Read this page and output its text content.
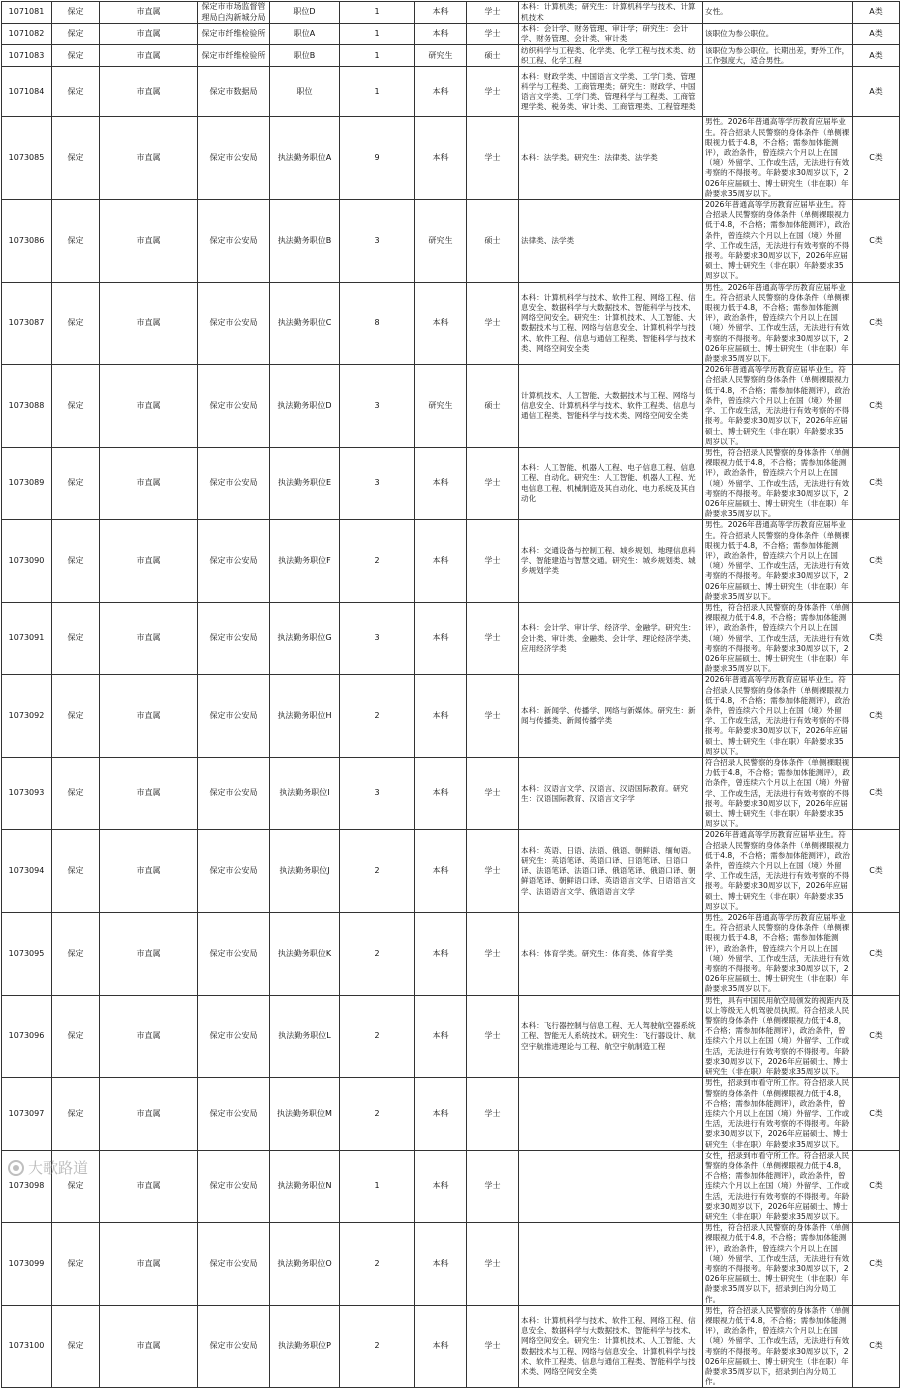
1071081	保定	市直属	保定市市场监督管理局白沟新城分局	职位D	1	本科	学士	本科：计算机类；研究生：计算机科学与技术、计算机技术	女性。	A类
1071082	保定	市直属	保定市纤维检验所	职位A	1	本科	学士	本科：会计学、财务管理、审计学；研究生：会计学、财务管理、会计类、审计类	该职位为参公职位。	A类
1071083	保定	市直属	保定市纤维检验所	职位B	1	研究生	硕士	纺织科学与工程类、化学类、化学工程与技术类、纺织工程、化学工程	该职位为参公职位。长期出差，野外工作，工作强度大，适合男性。	A类
1071084	保定	市直属	保定市数据局	职位	1	本科	学士	本科：财政学类、中国语言文学类、工学门类、管理科学与工程类、工商管理类；研究生：财政学、中国语言文学类、工学门类、管理科学与工程类、工商管理学类、税务类、审计类、工商管理类、工程管理类		A类
1073085	保定	市直属	保定市公安局	执法勤务职位A	9	本科	学士	本科：法学类。研究生：法律类、法学类	男性。2026年普通高等学历教育应届毕业生。符合招录人民警察的身体条件（单侧裸眼视力低于4.8，不合格；需参加体能测评），政治条件，曾连续六个月以上在国（境）外留学、工作或生活，无法进行有效考察的不得报考。年龄要求30周岁以下，2026年应届硕士、博士研究生（非在职）年龄要求35周岁以下。	C类
1073086	保定	市直属	保定市公安局	执法勤务职位B	3	研究生	硕士	法律类、法学类	2026年普通高等学历教育应届毕业生。符合招录人民警察的身体条件（单侧裸眼视力低于4.8，不合格；需参加体能测评），政治条件，曾连续六个月以上在国（境）外留学、工作或生活，无法进行有效考察的不得报考。年龄要求30周岁以下，2026年应届硕士、博士研究生（非在职）年龄要求35周岁以下。	C类
1073087	保定	市直属	保定市公安局	执法勤务职位C	8	本科	学士	本科：计算机科学与技术、软件工程、网络工程、信息安全、数据科学与大数据技术、智能科学与技术、网络空间安全。研究生：计算机技术、人工智能、大数据技术与工程、网络与信息安全、计算机科学与技术、软件工程、信息与通信工程类、智能科学与技术类、网络空间安全类	男性。2026年普通高等学历教育应届毕业生。符合招录人民警察的身体条件（单侧裸眼视力低于4.8，不合格；需参加体能测评），政治条件，曾连续六个月以上在国（境）外留学、工作或生活，无法进行有效考察的不得报考。年龄要求30周岁以下，2026年应届硕士、博士研究生（非在职）年龄要求35周岁以下。	C类
1073088	保定	市直属	保定市公安局	执法勤务职位D	3	研究生	硕士	计算机技术、人工智能、大数据技术与工程、网络与信息安全、计算机科学与技术、软件工程类、信息与通信工程类、智能科学与技术类、网络空间安全类	2026年普通高等学历教育应届毕业生。符合招录人民警察的身体条件（单侧裸眼视力低于4.8，不合格；需参加体能测评），政治条件，曾连续六个月以上在国（境）外留学、工作或生活，无法进行有效考察的不得报考。年龄要求30周岁以下，2026年应届硕士、博士研究生（非在职）年龄要求35周岁以下。	C类
1073089	保定	市直属	保定市公安局	执法勤务职位E	3	本科	学士	本科：人工智能、机器人工程、电子信息工程、信息工程、自动化。研究生：人工智能、机器人工程、光电信息工程、机械制造及其自动化、电力系统及其自动化	男性，符合招录人民警察的身体条件（单侧裸眼视力低于4.8，不合格；需参加体能测评），政治条件，曾连续六个月以上在国（境）外留学、工作或生活，无法进行有效考察的不得报考。年龄要求30周岁以下，2026年应届硕士、博士研究生（非在职）年龄要求35周岁以下。	C类
1073090	保定	市直属	保定市公安局	执法勤务职位F	2	本科	学士	本科：交通设备与控制工程、城乡规划、地理信息科学、智能建造与智慧交通。研究生：城乡规划类、城乡规划学类	男性。2026年普通高等学历教育应届毕业生。符合招录人民警察的身体条件（单侧裸眼视力低于4.8，不合格；需参加体能测评），政治条件，曾连续六个月以上在国（境）外留学、工作或生活，无法进行有效考察的不得报考。年龄要求30周岁以下，2026年应届硕士、博士研究生（非在职）年龄要求35周岁以下。	C类
1073091	保定	市直属	保定市公安局	执法勤务职位G	3	本科	学士	本科：会计学、审计学、经济学、金融学。研究生：会计类、审计类、金融类、会计学、理论经济学类、应用经济学类	男性，符合招录人民警察的身体条件（单侧裸眼视力低于4.8，不合格；需参加体能测评），政治条件，曾连续六个月以上在国（境）外留学、工作或生活，无法进行有效考察的不得报考。年龄要求30周岁以下，2026年应届硕士、博士研究生（非在职）年龄要求35周岁以下。	C类
1073092	保定	市直属	保定市公安局	执法勤务职位H	2	本科	学士	本科：新闻学、传播学、网络与新媒体。研究生：新闻与传播类、新闻传播学类	2026年普通高等学历教育应届毕业生。符合招录人民警察的身体条件（单侧裸眼视力低于4.8，不合格；需参加体能测评），政治条件，曾连续六个月以上在国（境）外留学、工作或生活，无法进行有效考察的不得报考。年龄要求30周岁以下，2026年应届硕士、博士研究生（非在职）年龄要求35周岁以下。	C类
1073093	保定	市直属	保定市公安局	执法勤务职位I	3	本科	学士	本科：汉语言文学、汉语言、汉语国际教育。研究生：汉语国际教育、汉语言文字学	符合招录人民警察的身体条件（单侧裸眼视力低于4.8，不合格；需参加体能测评），政治条件，曾连续六个月以上在国（境）外留学、工作或生活，无法进行有效考察的不得报考。年龄要求30周岁以下，2026年应届硕士、博士研究生（非在职）年龄要求35周岁以下。	C类
1073094	保定	市直属	保定市公安局	执法勤务职位J	2	本科	学士	本科：英语、日语、法语、俄语、朝鲜语、缅甸语。研究生：英语笔译、英语口译、日语笔译、日语口译、法语笔译、法语口译、俄语笔译、俄语口译、朝鲜语笔译、朝鲜语口译、英语语言文学、日语语言文学、法语语言文学、俄语语言文学	2026年普通高等学历教育应届毕业生。符合招录人民警察的身体条件（单侧裸眼视力低于4.8，不合格；需参加体能测评），政治条件，曾连续六个月以上在国（境）外留学、工作或生活，无法进行有效考察的不得报考。年龄要求30周岁以下，2026年应届硕士、博士研究生（非在职）年龄要求35周岁以下。	C类
1073095	保定	市直属	保定市公安局	执法勤务职位K	2	本科	学士	本科：体育学类。研究生：体育类、体育学类	男性。2026年普通高等学历教育应届毕业生。符合招录人民警察的身体条件（单侧裸眼视力低于4.8，不合格；需参加体能测评），政治条件，曾连续六个月以上在国（境）外留学、工作或生活，无法进行有效考察的不得报考。年龄要求30周岁以下，2026年应届硕士、博士研究生（非在职）年龄要求35周岁以下。	C类
1073096	保定	市直属	保定市公安局	执法勤务职位L	2	本科	学士	本科：飞行器控制与信息工程、无人驾驶航空器系统工程、智能无人系统技术。研究生：飞行器设计、航空宇航推进理论与工程、航空宇航制造工程	男性，具有中国民用航空局颁发的视距内及以上等级无人机驾驶员执照。符合招录人民警察的身体条件（单侧裸眼视力低于4.8，不合格；需参加体能测评），政治条件，曾连续六个月以上在国（境）外留学、工作或生活，无法进行有效考察的不得报考。年龄要求30周岁以下，2026年应届硕士、博士研究生（非在职）年龄要求35周岁以下。	C类
1073097	保定	市直属	保定市公安局	执法勤务职位M	2	本科	学士		男性，招录到市看守所工作。符合招录人民警察的身体条件（单侧裸眼视力低于4.8，不合格；需参加体能测评），政治条件，曾连续六个月以上在国（境）外留学、工作或生活，无法进行有效考察的不得报考。年龄要求30周岁以下，2026年应届硕士、博士研究生（非在职）年龄要求35周岁以下。	C类
1073098	保定	市直属	保定市公安局	执法勤务职位N	1	本科	学士		女性，招录到市看守所工作。符合招录人民警察的身体条件（单侧裸眼视力低于4.8，不合格；需参加体能测评），政治条件，曾连续六个月以上在国（境）外留学、工作或生活，无法进行有效考察的不得报考。年龄要求30周岁以下，2026年应届硕士、博士研究生（非在职）年龄要求35周岁以下。	C类
1073099	保定	市直属	保定市公安局	执法勤务职位O	2	本科	学士		男性，符合招录人民警察的身体条件（单侧裸眼视力低于4.8，不合格；需参加体能测评），政治条件，曾连续六个月以上在国（境）外留学、工作或生活，无法进行有效考察的不得报考。年龄要求30周岁以下，2026年应届硕士、博士研究生（非在职）年龄要求35周岁以下，招录到白沟分局工作。	C类
1073100	保定	市直属	保定市公安局	执法勤务职位P	2	本科	学士	本科：计算机科学与技术、软件工程、网络工程、信息安全、数据科学与大数据技术、智能科学与技术、网络空间安全。研究生：计算机技术、人工智能、大数据技术与工程、网络与信息安全、计算机科学与技术、软件工程类、信息与通信工程类、智能科学与技术类、网络空间安全类	男性，符合招录人民警察的身体条件（单侧裸眼视力低于4.8，不合格；需参加体能测评），政治条件，曾连续六个月以上在国（境）外留学、工作或生活，无法进行有效考察的不得报考。年龄要求30周岁以下，2026年应届硕士、博士研究生（非在职）年龄要求35周岁以下，招录到白沟分局工作。	C类
大歌路道
